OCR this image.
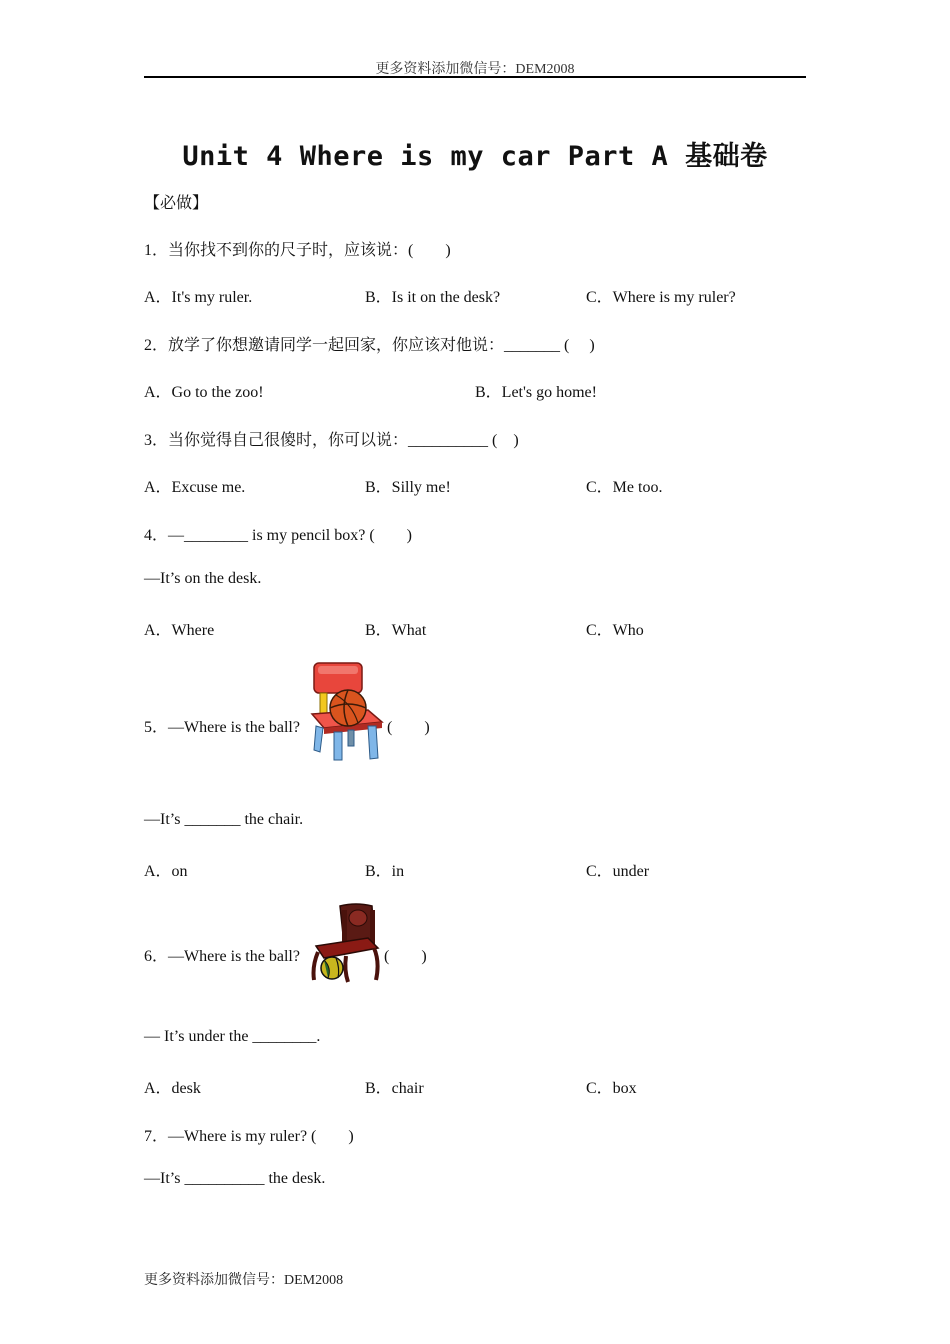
更多资料添加微信号：DEM2008
Unit 4 Where is my car Part A 基础卷
【必做】
1．当你找不到你的尺子时，应该说：(　　)
A．It's my ruler.	B．Is it on the desk?	C．Where is my ruler?
2．放学了你想邀请同学一起回家，你应该对他说：_______ (　 )
A．Go to the zoo!	B．Let's go home!
3．当你觉得自己很傻时，你可以说：__________ (　)
A．Excuse me.	B．Silly me!	C．Me too.
4．—________ is my pencil box? (　　)
—It’s on the desk.
A．Where	B．What	C．Who
5．—Where is the ball?	(　　)
—It’s _______ the chair.
A．on	B．in	C．under
6．—Where is the ball?	(　　)
— It’s under the ________.
A．desk	B．chair	C．box
7．—Where is my ruler? (　　)
—It’s __________ the desk.
更多资料添加微信号：DEM2008
